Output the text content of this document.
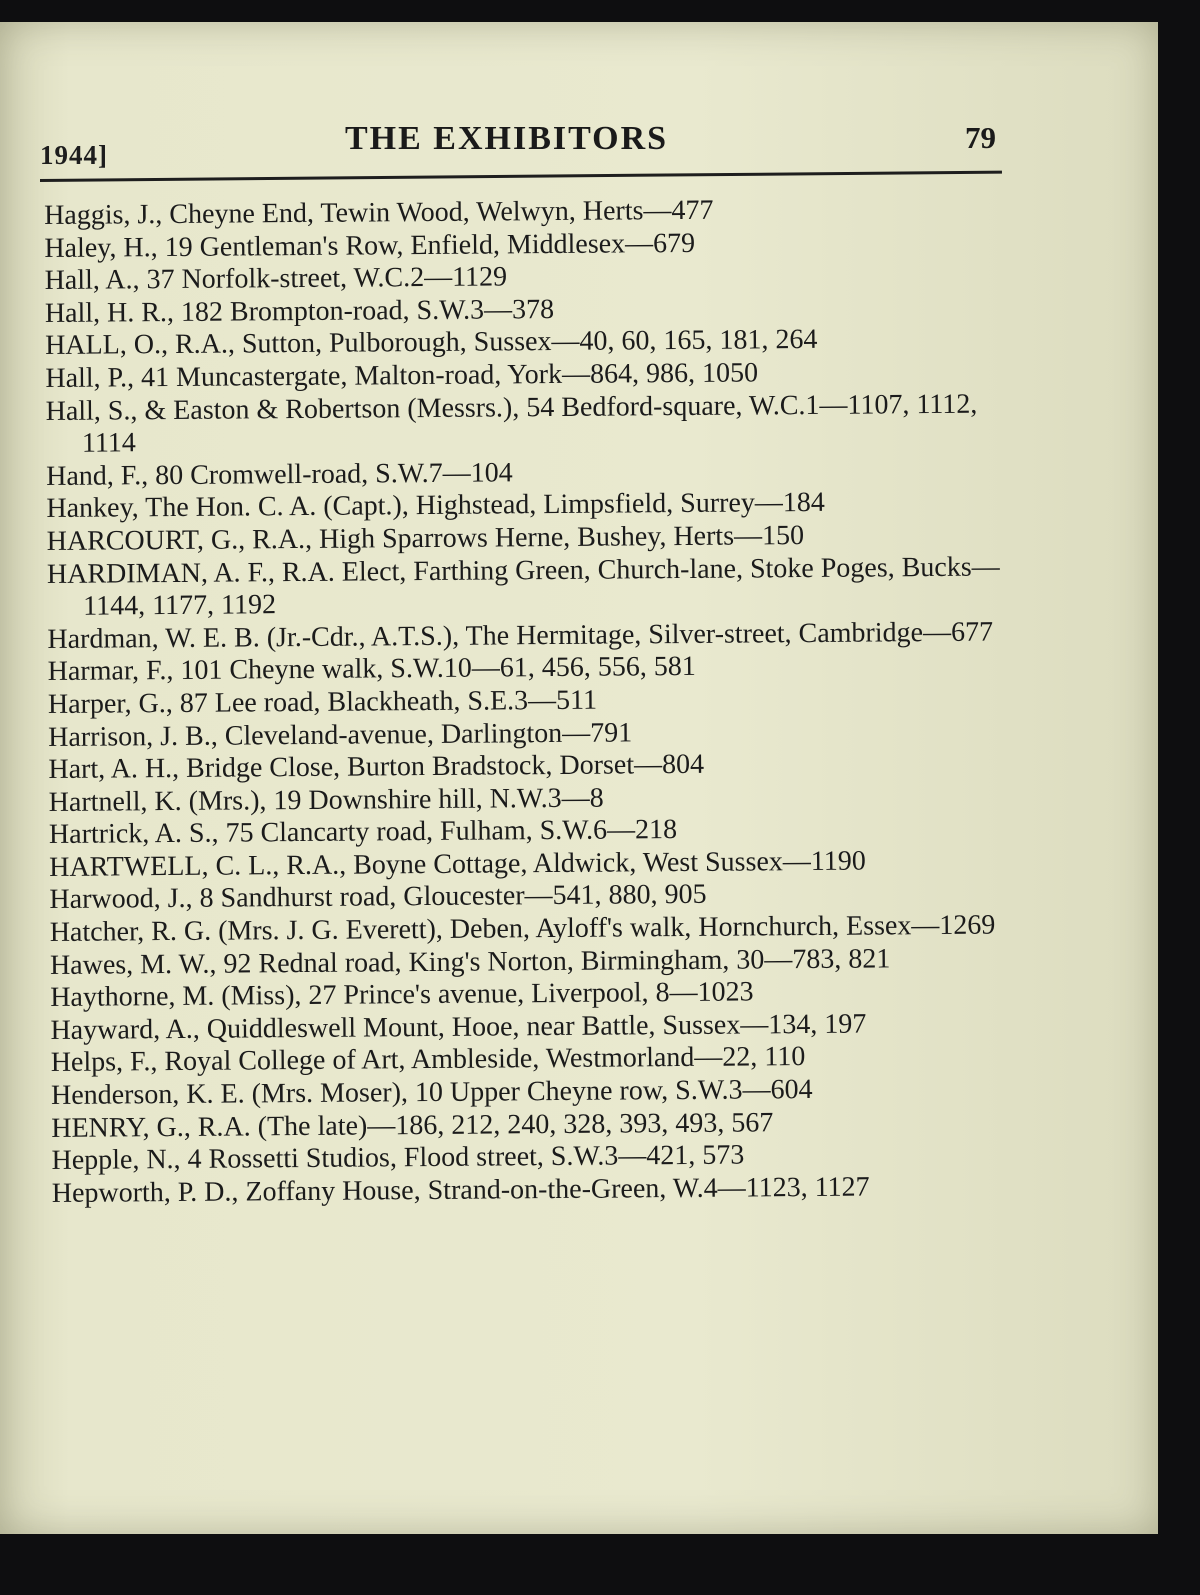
1944]	THE EXHIBITORS	79
Haggis, J., Cheyne End, Tewin Wood, Welwyn, Herts—477
Haley, H., 19 Gentleman's Row, Enfield, Middlesex—679
Hall, A., 37 Norfolk-street, W.C.2—1129
Hall, H. R., 182 Brompton-road, S.W.3—378
HALL, O., R.A., Sutton, Pulborough, Sussex—40, 60, 165, 181, 264
Hall, P., 41 Muncastergate, Malton-road, York—864, 986, 1050
Hall, S., & Easton & Robertson (Messrs.), 54 Bedford-square, W.C.1—1107, 1112, 1114
Hand, F., 80 Cromwell-road, S.W.7—104
Hankey, The Hon. C. A. (Capt.), Highstead, Limpsfield, Surrey—184
HARCOURT, G., R.A., High Sparrows Herne, Bushey, Herts—150
HARDIMAN, A. F., R.A. Elect, Farthing Green, Church-lane, Stoke Poges, Bucks—1144, 1177, 1192
Hardman, W. E. B. (Jr.-Cdr., A.T.S.), The Hermitage, Silver-street, Cambridge—677
Harmar, F., 101 Cheyne walk, S.W.10—61, 456, 556, 581
Harper, G., 87 Lee road, Blackheath, S.E.3—511
Harrison, J. B., Cleveland-avenue, Darlington—791
Hart, A. H., Bridge Close, Burton Bradstock, Dorset—804
Hartnell, K. (Mrs.), 19 Downshire hill, N.W.3—8
Hartrick, A. S., 75 Clancarty road, Fulham, S.W.6—218
HARTWELL, C. L., R.A., Boyne Cottage, Aldwick, West Sussex—1190
Harwood, J., 8 Sandhurst road, Gloucester—541, 880, 905
Hatcher, R. G. (Mrs. J. G. Everett), Deben, Ayloff's walk, Hornchurch, Essex—1269
Hawes, M. W., 92 Rednal road, King's Norton, Birmingham, 30—783, 821
Haythorne, M. (Miss), 27 Prince's avenue, Liverpool, 8—1023
Hayward, A., Quiddleswell Mount, Hooe, near Battle, Sussex—134, 197
Helps, F., Royal College of Art, Ambleside, Westmorland—22, 110
Henderson, K. E. (Mrs. Moser), 10 Upper Cheyne row, S.W.3—604
HENRY, G., R.A. (The late)—186, 212, 240, 328, 393, 493, 567
Hepple, N., 4 Rossetti Studios, Flood street, S.W.3—421, 573
Hepworth, P. D., Zoffany House, Strand-on-the-Green, W.4—1123, 1127
